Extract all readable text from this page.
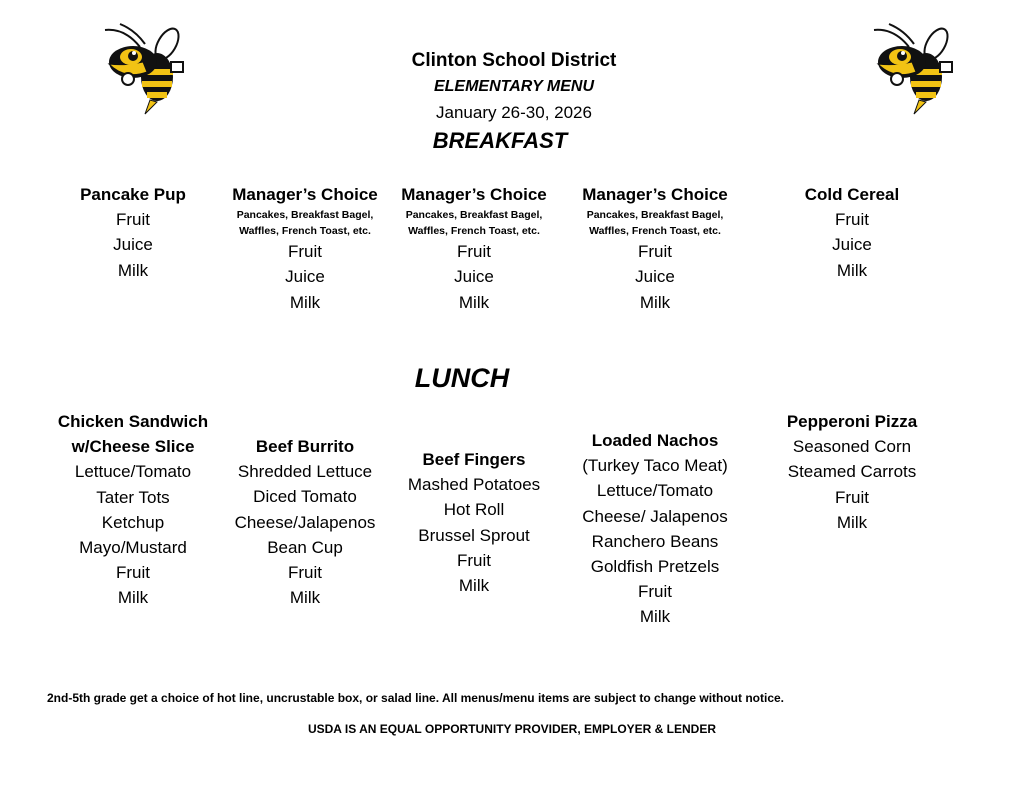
Clinton School District
ELEMENTARY MENU
January 26-30, 2026
BREAKFAST
LUNCH
Pancake Pup
Fruit
Juice
Milk
Manager’s Choice
Pancakes, Breakfast Bagel,
Waffles, French Toast, etc.
Fruit
Juice
Milk
Manager’s Choice
Pancakes, Breakfast Bagel,
Waffles, French Toast, etc.
Fruit
Juice
Milk
Manager’s Choice
Pancakes, Breakfast Bagel,
Waffles, French Toast, etc.
Fruit
Juice
Milk
Cold Cereal
Fruit
Juice
Milk
Chicken Sandwich
w/Cheese Slice
Lettuce/Tomato
Tater Tots
Ketchup
Mayo/Mustard
Fruit
Milk
Beef Burrito
Shredded Lettuce
Diced Tomato
Cheese/Jalapenos
Bean Cup
Fruit
Milk
Beef Fingers
Mashed Potatoes
Hot Roll
Brussel Sprout
Fruit
Milk
Loaded Nachos
(Turkey Taco Meat)
Lettuce/Tomato
Cheese/ Jalapenos
Ranchero Beans
Goldfish Pretzels
Fruit
Milk
Pepperoni Pizza
Seasoned Corn
Steamed Carrots
Fruit
Milk
2nd-5th grade get a choice of hot line, uncrustable box, or salad line. All menus/menu items are subject to change without notice.
USDA IS AN EQUAL OPPORTUNITY PROVIDER, EMPLOYER & LENDER
